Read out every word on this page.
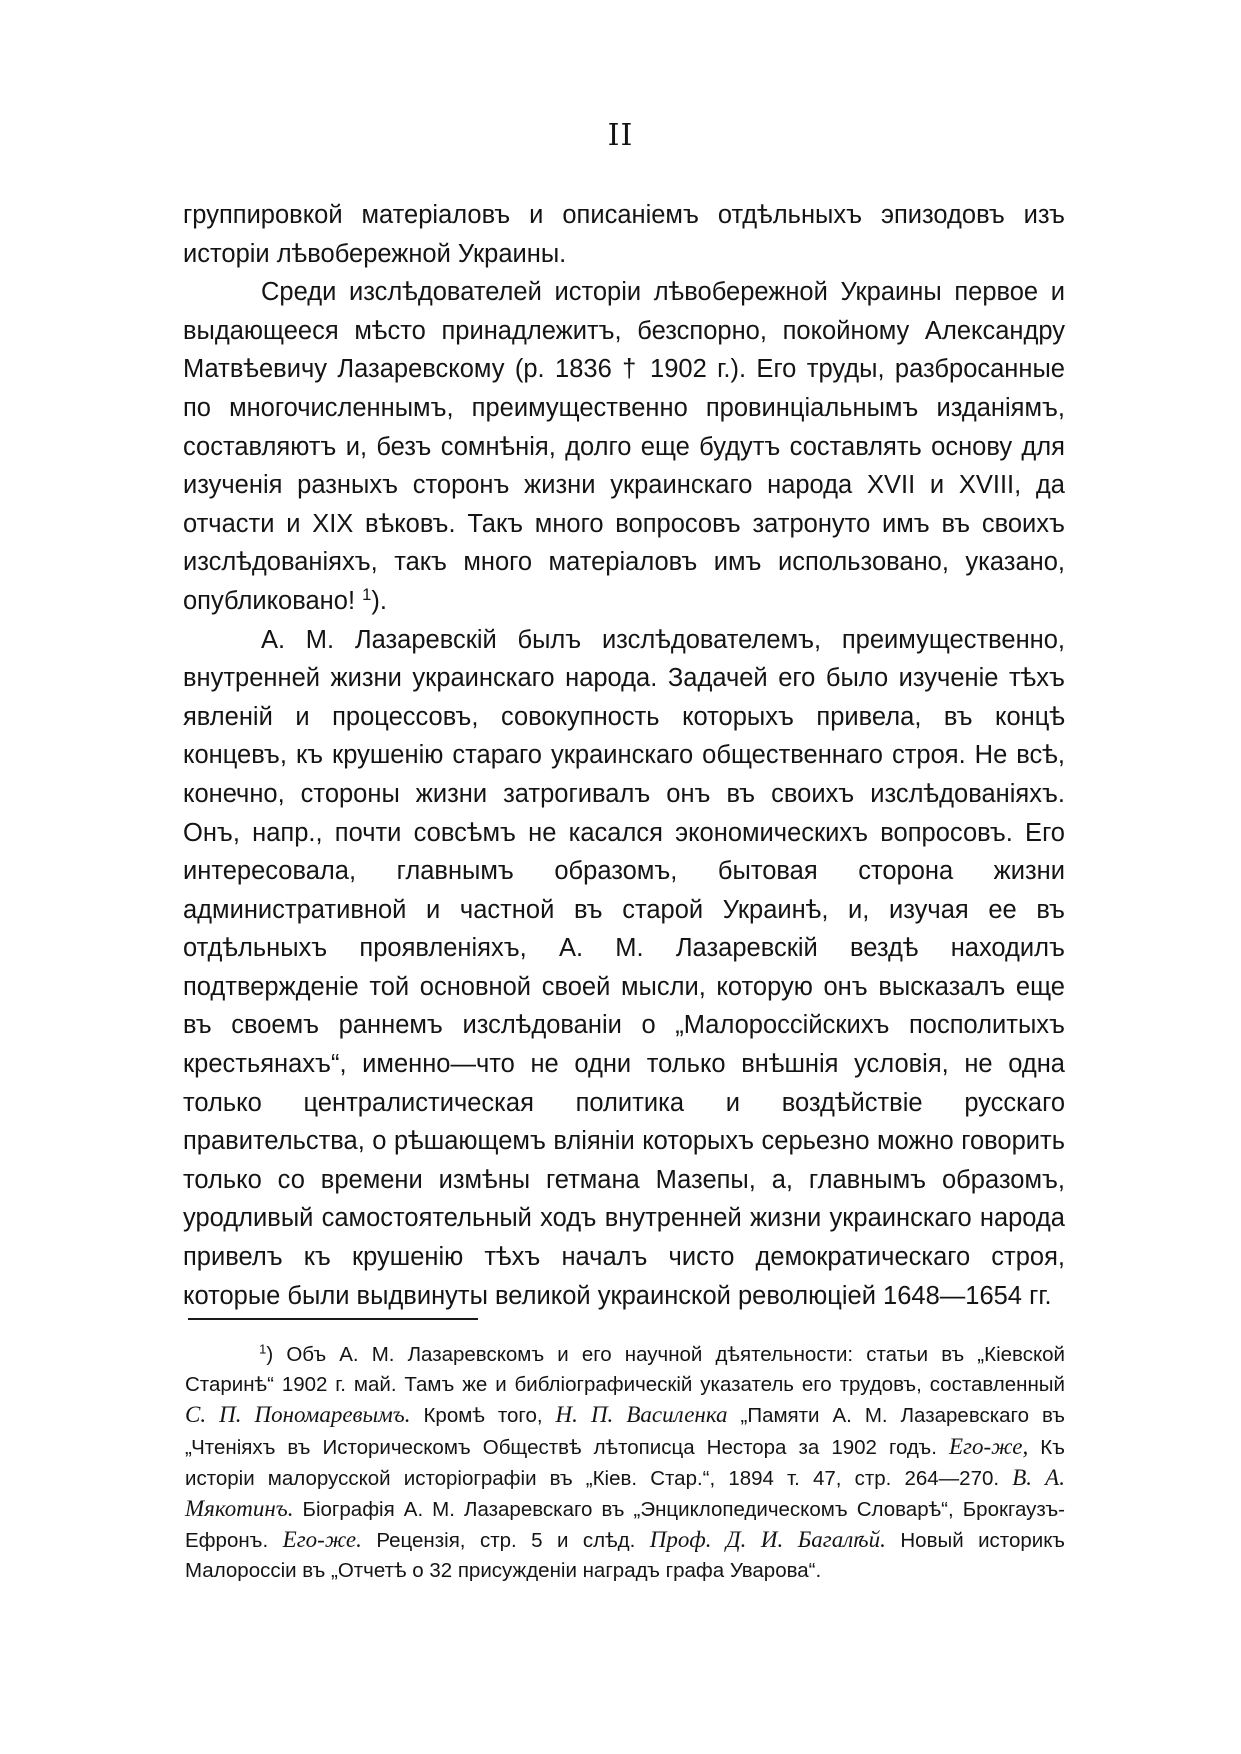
II

группировкой матеріаловъ и описаніемъ отдѣльныхъ эпизодовъ изъ исторіи лѣвобережной Украины.

Среди изслѣдователей исторіи лѣвобережной Украины первое и выдающееся мѣсто принадлежитъ, безспорно, покойному Александру Матвѣевичу Лазаревскому (р. 1836 † 1902 г.). Его труды, разбросанные по многочисленнымъ, преимущественно провинціальнымъ изданіямъ, составляютъ и, безъ сомнѣнія, долго еще будутъ составлять основу для изученія разныхъ сторонъ жизни украинскаго народа XVII и XVIII, да отчасти и XIX вѣковъ. Такъ много вопросовъ затронуто имъ въ своихъ изслѣдованіяхъ, такъ много матеріаловъ имъ использовано, указано, опубликовано! $^1$).

А. М. Лазаревскій былъ изслѣдователемъ, преимущественно, внутренней жизни украинскаго народа. Задачей его было изученіе тѣхъ явленій и процессовъ, совокупность которыхъ привела, въ концѣ концевъ, къ крушенію стараго украинскаго общественнаго строя. Не всѣ, конечно, стороны жизни затрогивалъ онъ въ своихъ изслѣдованіяхъ. Онъ, напр., почти совсѣмъ не касался экономическихъ вопросовъ. Его интересовала, главнымъ образомъ, бытовая сторона жизни административной и частной въ старой Украинѣ, и, изучая ее въ отдѣльныхъ проявленіяхъ, А. М. Лазаревскій вездѣ находилъ подтвержденіе той основной своей мысли, которую онъ высказалъ еще въ своемъ раннемъ изслѣдованіи о „Малороссійскихъ посполитыхъ крестьянахъ“, именно—что не одни только внѣшнія условія, не одна только централистическая политика и воздѣйствіе русскаго правительства, о рѣшающемъ вліяніи которыхъ серьезно можно говорить только со времени измѣны гетмана Мазепы, а, главнымъ образомъ, уродливый самостоятельный ходъ внутренней жизни украинскаго народа привелъ къ крушенію тѣхъ началъ чисто демократическаго строя, которые были выдвинуты великой украинской революціей 1648—1654 гг.

$^1$) Объ А. М. Лазаревскомъ и его научной дѣятельности: статьи въ „Кіевской Старинѣ“ 1902 г. май. Тамъ же и библіографическій указатель его трудовъ, составленный С. П. Пономаревымъ. Кромѣ того, Н. П. Василенка „Памяти А. М. Лазаревскаго въ „Чтеніяхъ въ Историческомъ Обществѣ лѣтописца Нестора за 1902 годъ. Его-же, Къ исторіи малорусской исторіографіи въ „Кіев. Стар.“, 1894 т. 47, стр. 264—270. В. А. Мякотинъ. Біографія А. М. Лазаревскаго въ „Энциклопедическомъ Словарѣ“, Брокгаузъ-Ефронъ. Его-же. Рецензія, стр. 5 и слѣд. Проф. Д. И. Багалѣй. Новый историкъ Малороссіи въ „Отчетѣ о 32 присужденіи наградъ графа Уварова“.
